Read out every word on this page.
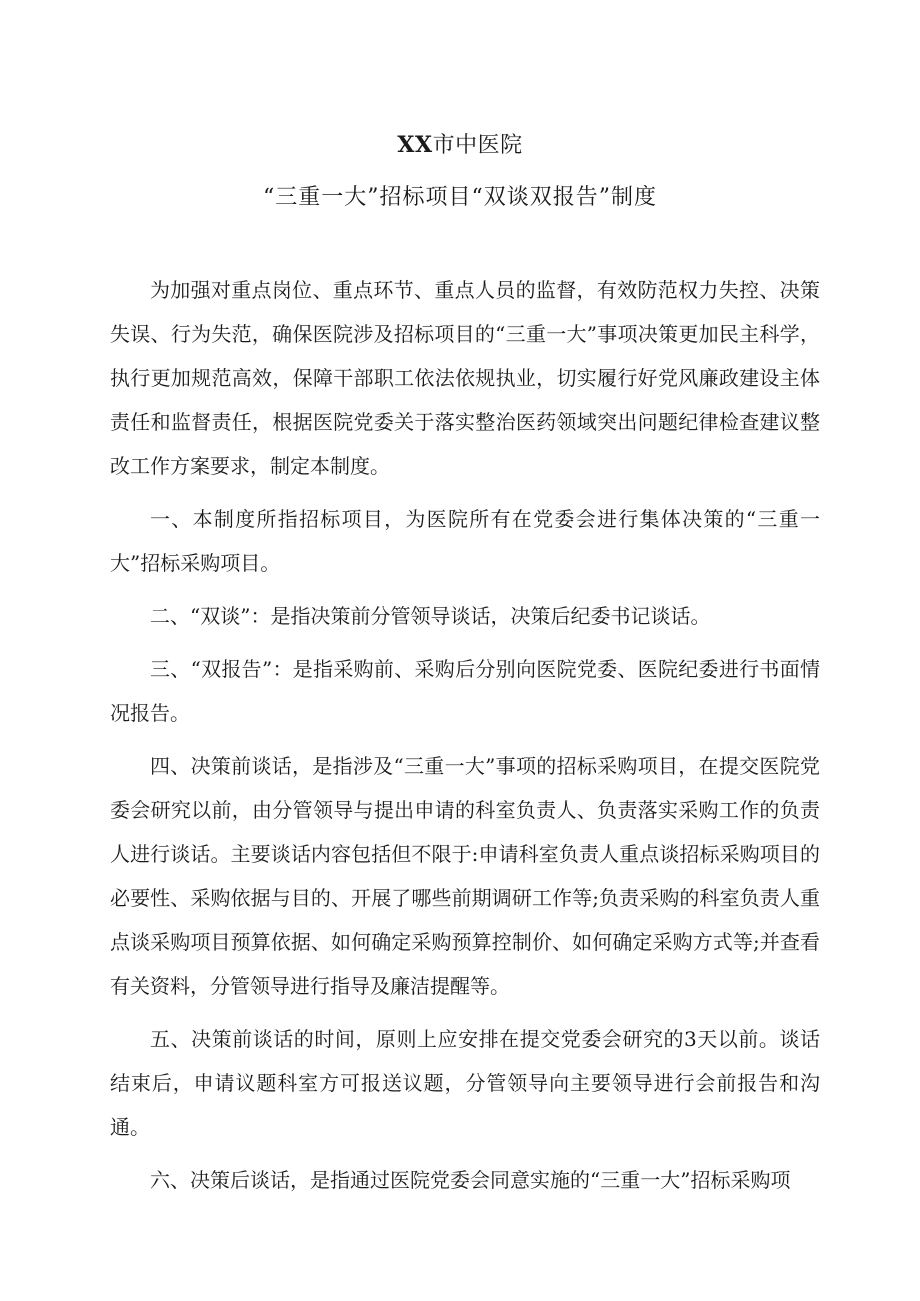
XX市中医院
“三重一大”招标项目“双谈双报告”制度

为加强对重点岗位、重点环节、重点人员的监督，有效防范权力失控、决策失误、行为失范，确保医院涉及招标项目的“三重一大”事项决策更加民主科学，执行更加规范高效，保障干部职工依法依规执业，切实履行好党风廉政建设主体责任和监督责任，根据医院党委关于落实整治医药领域突出问题纪律检查建议整改工作方案要求，制定本制度。

一、本制度所指招标项目，为医院所有在党委会进行集体决策的“三重一大”招标采购项目。

二、“双谈”：是指决策前分管领导谈话，决策后纪委书记谈话。

三、“双报告”：是指采购前、采购后分别向医院党委、医院纪委进行书面情况报告。

四、决策前谈话，是指涉及“三重一大”事项的招标采购项目，在提交医院党委会研究以前，由分管领导与提出申请的科室负责人、负责落实采购工作的负责人进行谈话。主要谈话内容包括但不限于:申请科室负责人重点谈招标采购项目的必要性、采购依据与目的、开展了哪些前期调研工作等;负责采购的科室负责人重点谈采购项目预算依据、如何确定采购预算控制价、如何确定采购方式等;并查看有关资料，分管领导进行指导及廉洁提醒等。

五、决策前谈话的时间，原则上应安排在提交党委会研究的3天以前。谈话结束后，申请议题科室方可报送议题，分管领导向主要领导进行会前报告和沟通。

六、决策后谈话，是指通过医院党委会同意实施的“三重一大”招标采购项
